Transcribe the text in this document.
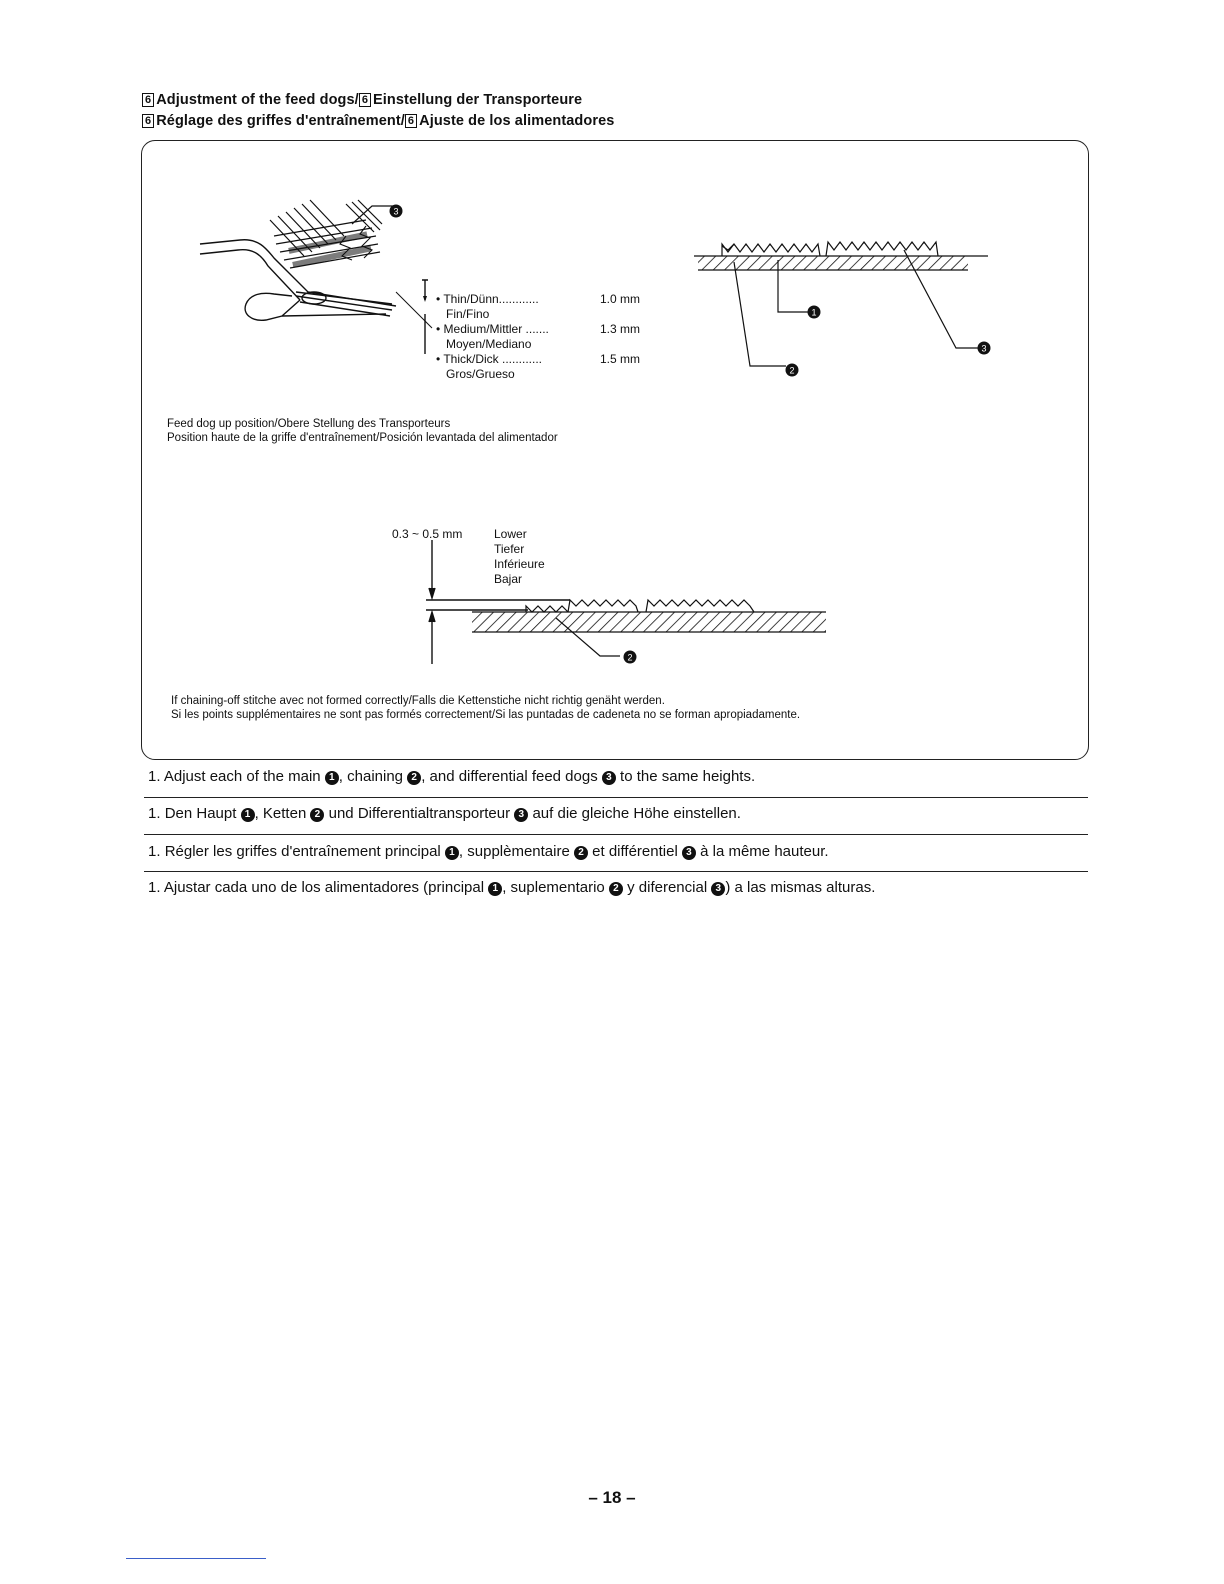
6 Adjustment of the feed dogs/ 6 Einstellung der Transporteure
6 Réglage des griffes d'entraînement/ 6 Ajuste de los alimentadores
3
• Thin/Dünn............	1.0 mm
Fin/Fino
• Medium/Mittler .......	1.3 mm
Moyen/Mediano
• Thick/Dick ............	1.5 mm
Gros/Grueso
1
2
3
Feed dog up position/Obere Stellung des Transporteurs
Position haute de la griffe d'entraînement/Posición levantada del alimentador
0.3 ~ 0.5 mm	Lower
Tiefer
Inférieure
Bajar
2
If chaining-off stitche avec not formed correctly/Falls die Kettenstiche nicht richtig genäht werden.
Si les points supplémentaires ne sont pas formés correctement/Si las puntadas de cadeneta no se forman apropiadamente.
1. Adjust each of the main 1 , chaining 2 , and differential feed dogs 3 to the same heights.
1. Den Haupt 1 , Ketten 2 und Differentialtransporteur 3 auf die gleiche Höhe einstellen.
1. Régler les griffes d'entraînement principal 1 , supplèmentaire 2 et différentiel 3 à la même hauteur.
1. Ajustar cada uno de los alimentadores (principal 1 , suplementario 2 y diferencial 3 ) a las mismas alturas.
– 18 –
